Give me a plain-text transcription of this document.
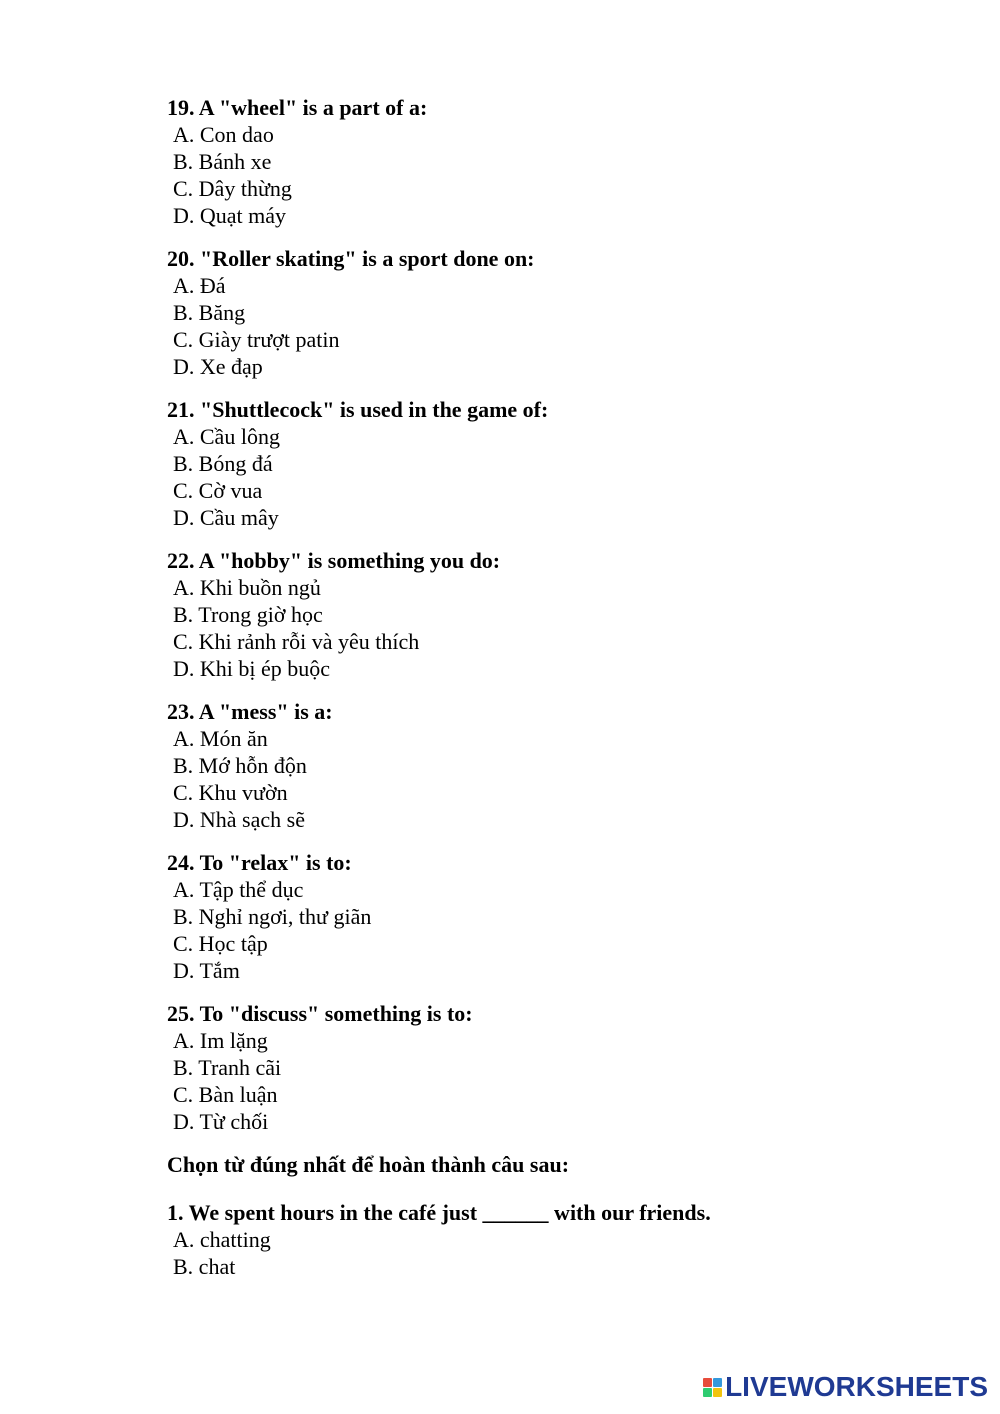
19. A "wheel" is a part of a:
A. Con dao
B. Bánh xe
C. Dây thừng
D. Quạt máy
20. "Roller skating" is a sport done on:
A. Đá
B. Băng
C. Giày trượt patin
D. Xe đạp
21. "Shuttlecock" is used in the game of:
A. Cầu lông
B. Bóng đá
C. Cờ vua
D. Cầu mây
22. A "hobby" is something you do:
A. Khi buồn ngủ
B. Trong giờ học
C. Khi rảnh rỗi và yêu thích
D. Khi bị ép buộc
23. A "mess" is a:
A. Món ăn
B. Mớ hỗn độn
C. Khu vườn
D. Nhà sạch sẽ
24. To "relax" is to:
A. Tập thể dục
B. Nghỉ ngơi, thư giãn
C. Học tập
D. Tắm
25. To "discuss" something is to:
A. Im lặng
B. Tranh cãi
C. Bàn luận
D. Từ chối
Chọn từ đúng nhất để hoàn thành câu sau:
1. We spent hours in the café just ______ with our friends.
A. chatting
B. chat
LIVEWORKSHEETS
